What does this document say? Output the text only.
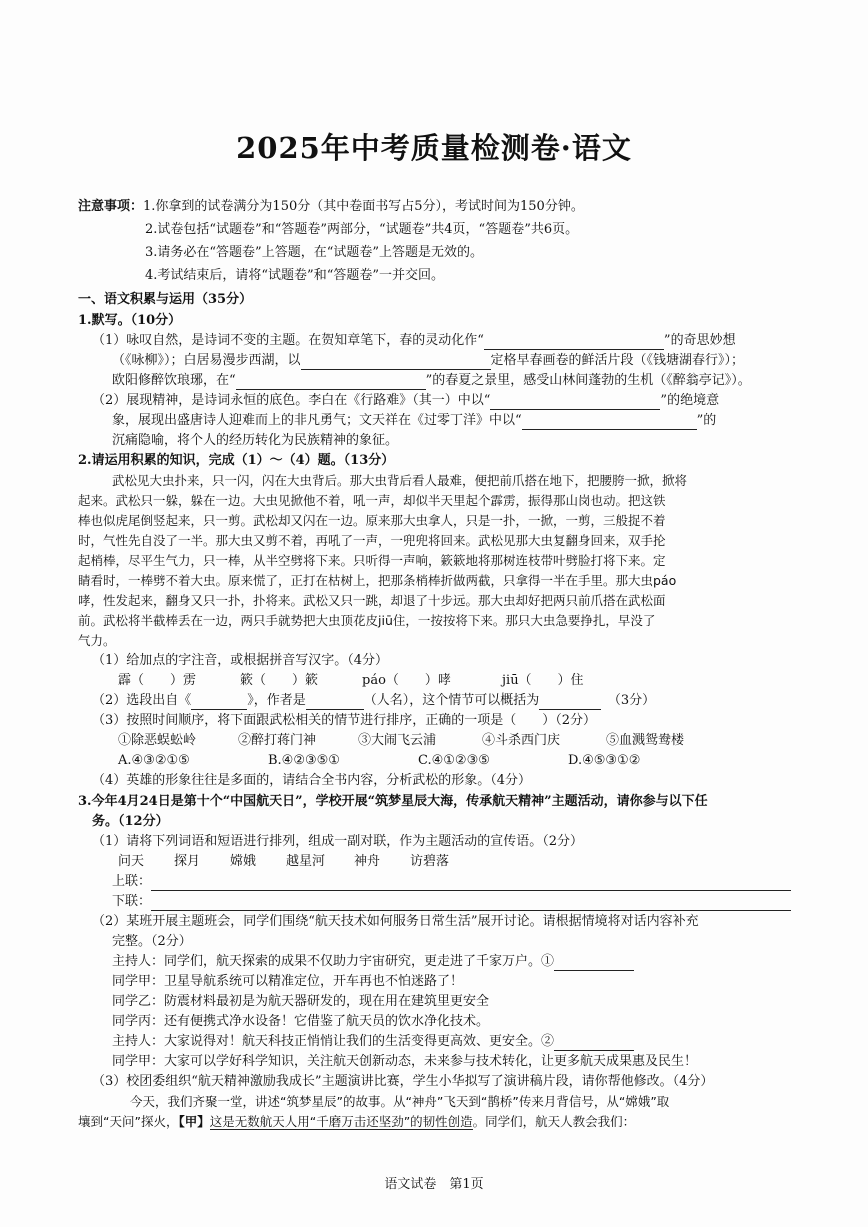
2025年中考质量检测卷·语文
注意事项：1.你拿到的试卷满分为150分（其中卷面书写占5分），考试时间为150分钟。
2.试卷包括“试题卷”和“答题卷”两部分，“试题卷”共4页，“答题卷”共6页。
3.请务必在“答题卷”上答题，在“试题卷”上答题是无效的。
4.考试结束后，请将“试题卷”和“答题卷”一并交回。
一、语文积累与运用（35分）
1.默写。（10分）
（1）咏叹自然，是诗词不变的主题。在贺知章笔下，春的灵动化作“	”的奇思妙想
（《咏柳》）；白居易漫步西湖，以	定格早春画卷的鲜活片段（《钱塘湖春行》）；
欧阳修醉饮琅琊，在“	”的春夏之景里，感受山林间蓬勃的生机（《醉翁亭记》）。
（2）展现精神，是诗词永恒的底色。李白在《行路难》（其一）中以“	”的绝境意
象，展现出盛唐诗人迎难而上的非凡勇气；文天祥在《过零丁洋》中以“	”的
沉痛隐喻，将个人的经历转化为民族精神的象征。
2.请运用积累的知识，完成（1）～（4）题。（13分）
武松见大虫扑来，只一闪，闪在大虫背后。那大虫背后看人最难，便把前爪搭在地下，把腰胯一掀，掀将
起来。武松只一躲，躲在一边。大虫见掀他不着，吼一声，却似半天里起个霹雳，振得那山岗也动。把这铁
棒也似虎尾倒竖起来，只一剪。武松却又闪在一边。原来那大虫拿人，只是一扑，一掀，一剪，三般捉不着
时，气性先自没了一半。那大虫又剪不着，再吼了一声，一兜兜将回来。武松见那大虫复翻身回来，双手抡
起梢棒，尽平生气力，只一棒，从半空劈将下来。只听得一声响，簌簌地将那树连枝带叶劈脸打将下来。定
睛看时，一棒劈不着大虫。原来慌了，正打在枯树上，把那条梢棒折做两截，只拿得一半在手里。那大虫páo
哮，性发起来，翻身又只一扑，扑将来。武松又只一跳，却退了十步远。那大虫却好把两只前爪搭在武松面
前。武松将半截棒丢在一边，两只手就势把大虫顶花皮jiū住，一按按将下来。那只大虫急要挣扎，早没了
气力。
（1）给加点的字注音，或根据拼音写汉字。（4分）
霹（　　）雳	簌（　　）簌	páo（　　）哮	jiū（　　）住
（2）选段出自《	》，作者是	（人名），这个情节可以概括为　	（3分）
（3）按照时间顺序，将下面跟武松相关的情节进行排序，正确的一项是（　　）（2分）
①除恶蜈蚣岭	②醉打蒋门神	③大闹飞云浦	④斗杀西门庆	⑤血溅鸳鸯楼
A.④③②①⑤	B.④②③⑤①	C.④①②③⑤	D.④⑤③①②
（4）英雄的形象往往是多面的，请结合全书内容，分析武松的形象。（4分）
3.今年4月24日是第十个“中国航天日”，学校开展“筑梦星辰大海，传承航天精神”主题活动，请你参与以下任
务。（12分）
（1）请将下列词语和短语进行排列，组成一副对联，作为主题活动的宣传语。（2分）
问天 探月 嫦娥 越星河 神舟 访碧落
上联：
下联：
（2）某班开展主题班会，同学们围绕“航天技术如何服务日常生活”展开讨论。请根据情境将对话内容补充
完整。（2分）
主持人：同学们，航天探索的成果不仅助力宇宙研究，更走进了千家万户。①
同学甲：卫星导航系统可以精准定位，开车再也不怕迷路了！
同学乙：防震材料最初是为航天器研发的，现在用在建筑里更安全
同学丙：还有便携式净水设备！它借鉴了航天员的饮水净化技术。
主持人：大家说得对！航天科技正悄悄让我们的生活变得更高效、更安全。②
同学甲：大家可以学好科学知识，关注航天创新动态，未来参与技术转化，让更多航天成果惠及民生！
（3）校团委组织“航天精神激励我成长”主题演讲比赛，学生小华拟写了演讲稿片段，请你帮他修改。（4分）
今天，我们齐聚一堂，讲述“筑梦星辰”的故事。从“神舟”飞天到“鹊桥”传来月背信号，从“嫦娥”取
壤到“天问”探火，【甲】这是无数航天人用“千磨万击还坚劲”的韧性创造。同学们，航天人教会我们：
语文试卷　第1页
